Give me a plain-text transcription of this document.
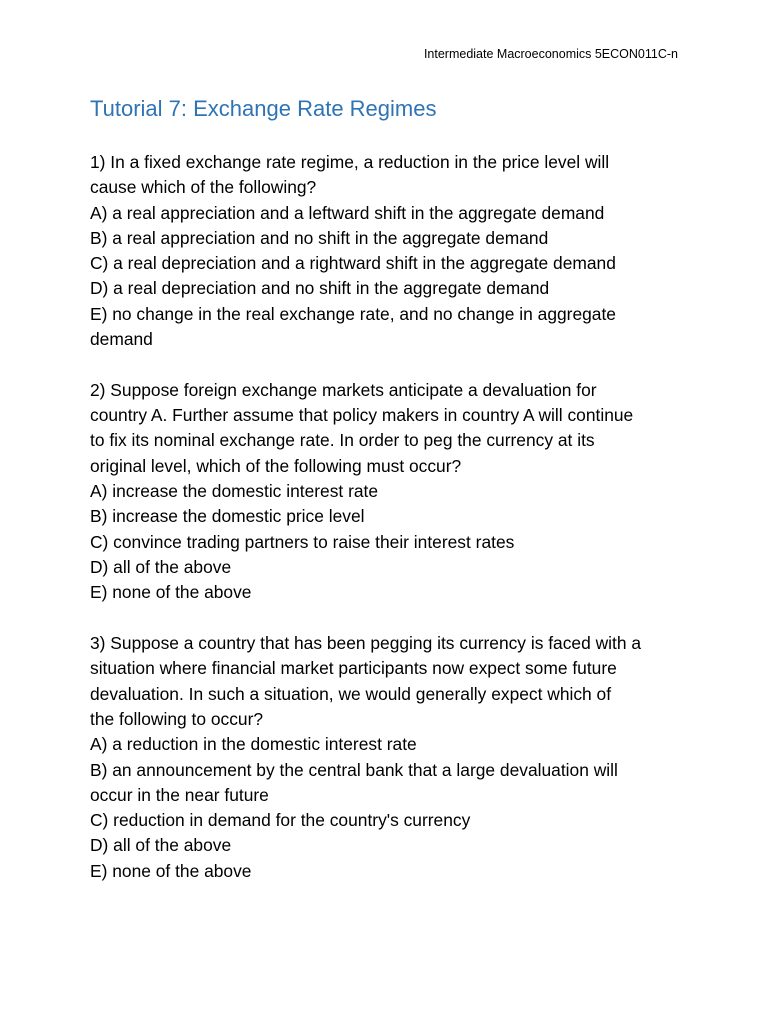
Intermediate Macroeconomics 5ECON011C-n
Tutorial 7: Exchange Rate Regimes

1) In a fixed exchange rate regime, a reduction in the price level will
cause which of the following?

A) a real appreciation and a leftward shift in the aggregate demand

B) a real appreciation and no shift in the aggregate demand

C) a real depreciation and a rightward shift in the aggregate demand

D) a real depreciation and no shift in the aggregate demand

E) no change in the real exchange rate, and no change in aggregate
demand

2) Suppose foreign exchange markets anticipate a devaluation for
country A. Further assume that policy makers in country A will continue
to fix its nominal exchange rate. In order to peg the currency at its
original level, which of the following must occur?

A) increase the domestic interest rate

B) increase the domestic price level

C) convince trading partners to raise their interest rates

D) all of the above

E) none of the above

3) Suppose a country that has been pegging its currency is faced with a
situation where financial market participants now expect some future
devaluation. In such a situation, we would generally expect which of
the following to occur?

A) a reduction in the domestic interest rate

B) an announcement by the central bank that a large devaluation will
occur in the near future

C) reduction in demand for the country's currency

D) all of the above

E) none of the above
